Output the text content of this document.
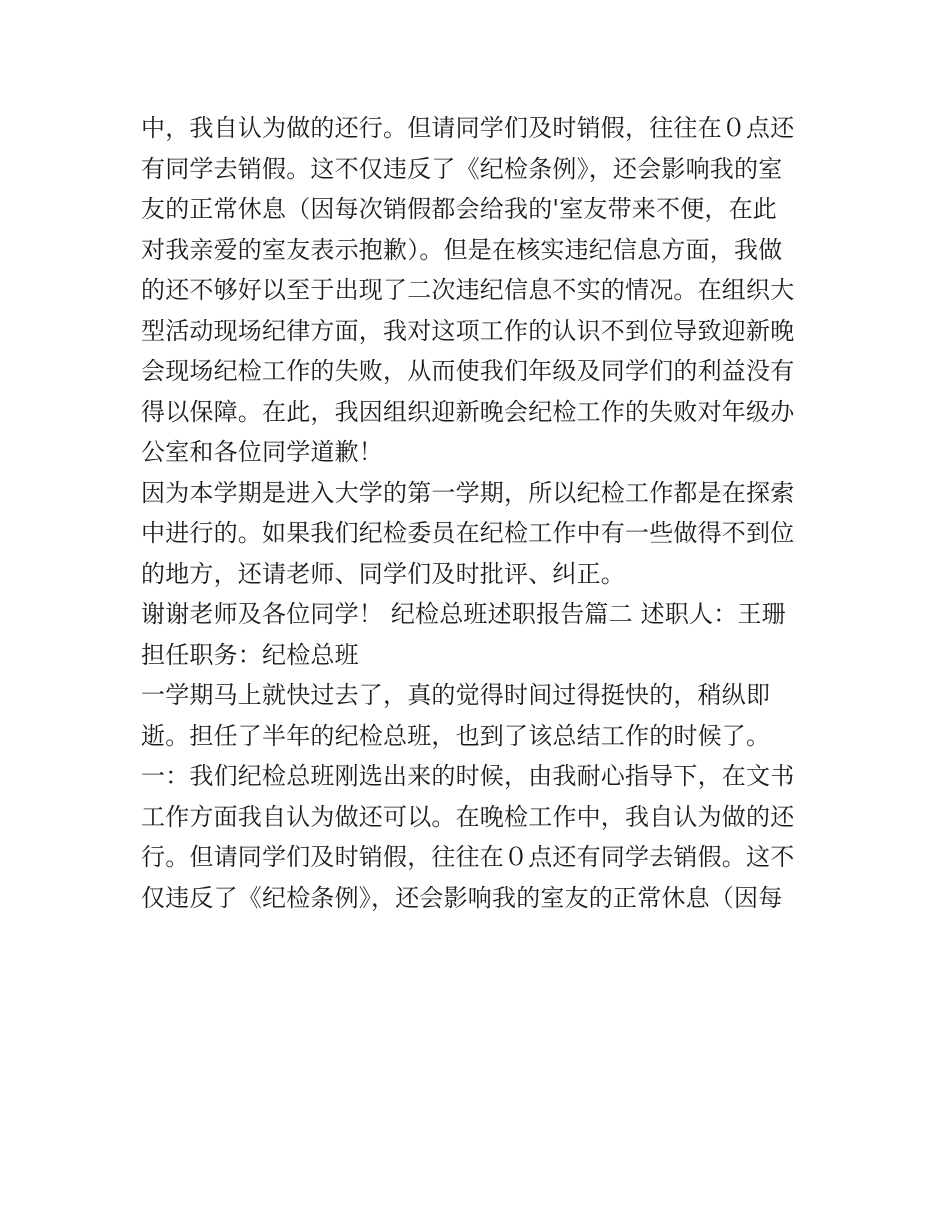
中，我自认为做的还行。但请同学们及时销假，往往在０点还
有同学去销假。这不仅违反了《纪检条例》，还会影响我的室
友的正常休息（因每次销假都会给我的'室友带来不便，在此
对我亲爱的室友表示抱歉）。但是在核实违纪信息方面，我做
的还不够好以至于出现了二次违纪信息不实的情况。在组织大
型活动现场纪律方面，我对这项工作的认识不到位导致迎新晚
会现场纪检工作的失败，从而使我们年级及同学们的利益没有
得以保障。在此，我因组织迎新晚会纪检工作的失败对年级办
公室和各位同学道歉！
因为本学期是进入大学的第一学期，所以纪检工作都是在探索
中进行的。如果我们纪检委员在纪检工作中有一些做得不到位
的地方，还请老师、同学们及时批评、纠正。
谢谢老师及各位同学！ 纪检总班述职报告篇二 述职人：王珊
担任职务：纪检总班
一学期马上就快过去了，真的觉得时间过得挺快的，稍纵即
逝。担任了半年的纪检总班，也到了该总结工作的时候了。
一：我们纪检总班刚选出来的时候，由我耐心指导下，在文书
工作方面我自认为做还可以。在晚检工作中，我自认为做的还
行。但请同学们及时销假，往往在０点还有同学去销假。这不
仅违反了《纪检条例》，还会影响我的室友的正常休息（因每
